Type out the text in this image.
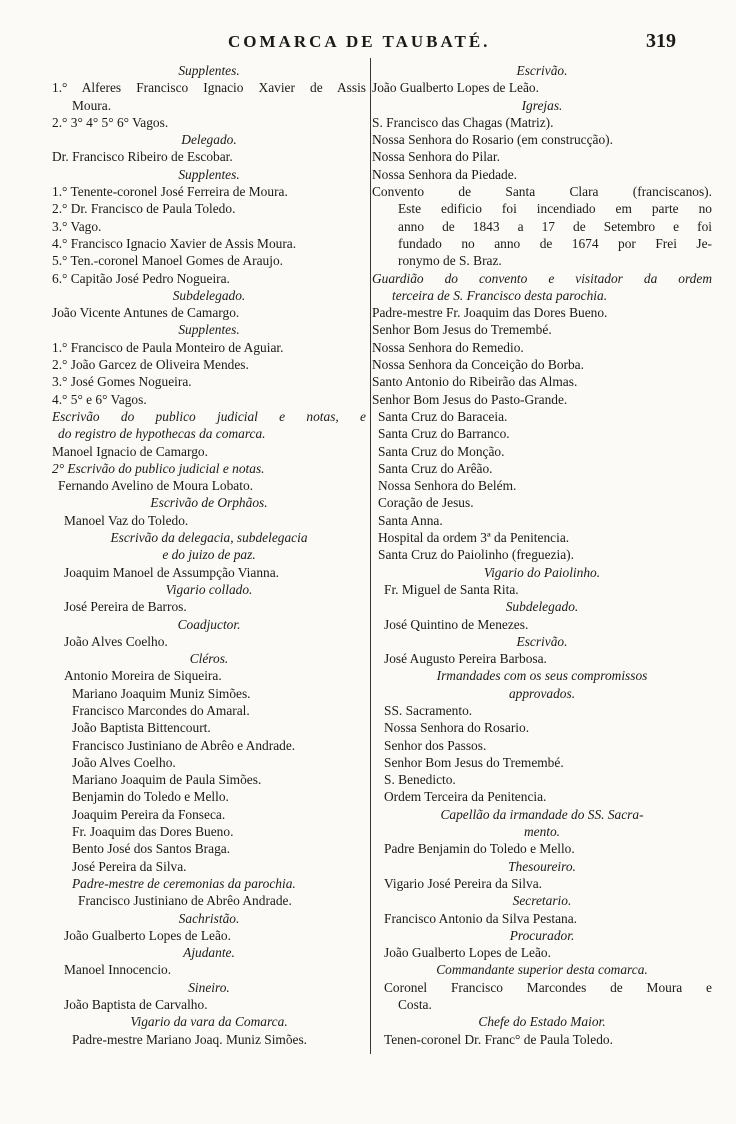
COMARCA DE TAUBATÉ.	319
Supplentes.
1.° Alferes Francisco Ignacio Xavier de Assis
Moura.
2.° 3° 4° 5° 6° Vagos.
Delegado.
Dr. Francisco Ribeiro de Escobar.
Supplentes.
1.° Tenente-coronel José Ferreira de Moura.
2.° Dr. Francisco de Paula Toledo.
3.° Vago.
4.° Francisco Ignacio Xavier de Assis Moura.
5.° Ten.-coronel Manoel Gomes de Araujo.
6.° Capitão José Pedro Nogueira.
Subdelegado.
João Vicente Antunes de Camargo.
Supplentes.
1.° Francisco de Paula Monteiro de Aguiar.
2.° João Garcez de Oliveira Mendes.
3.° José Gomes Nogueira.
4.° 5° e 6° Vagos.
Escrivão do publico judicial e notas, e
do registro de hypothecas da comarca.
Manoel Ignacio de Camargo.
2° Escrivão do publico judicial e notas.
Fernando Avelino de Moura Lobato.
Escrivão de Orphãos.
Manoel Vaz do Toledo.
Escrivão da delegacia, subdelegacia
e do juizo de paz.
Joaquim Manoel de Assumpção Vianna.
Vigario collado.
José Pereira de Barros.
Coadjuctor.
João Alves Coelho.
Cléros.
Antonio Moreira de Siqueira.
Mariano Joaquim Muniz Simões.
Francisco Marcondes do Amaral.
João Baptista Bittencourt.
Francisco Justiniano de Abrêo e Andrade.
João Alves Coelho.
Mariano Joaquim de Paula Simões.
Benjamin do Toledo e Mello.
Joaquim Pereira da Fonseca.
Fr. Joaquim das Dores Bueno.
Bento José dos Santos Braga.
José Pereira da Silva.
Padre-mestre de ceremonias da parochia.
Francisco Justiniano de Abrêo Andrade.
Sachristão.
João Gualberto Lopes de Leão.
Ajudante.
Manoel Innocencio.
Sineiro.
João Baptista de Carvalho.
Vigario da vara da Comarca.
Padre-mestre Mariano Joaq. Muniz Simões.
Escrivão.
João Gualberto Lopes de Leão.
Igrejas.
S. Francisco das Chagas (Matriz).
Nossa Senhora do Rosario (em construcção).
Nossa Senhora do Pilar.
Nossa Senhora da Piedade.
Convento de Santa Clara (franciscanos).
Este edificio foi incendiado em parte no
anno de 1843 a 17 de Setembro e foi
fundado no anno de 1674 por Frei Je-
ronymo de S. Braz.
Guardião do convento e visitador da ordem
terceira de S. Francisco desta parochia.
Padre-mestre Fr. Joaquim das Dores Bueno.
Senhor Bom Jesus do Tremembé.
Nossa Senhora do Remedio.
Nossa Senhora da Conceição do Borba.
Santo Antonio do Ribeirão das Almas.
Senhor Bom Jesus do Pasto-Grande.
Santa Cruz do Baraceia.
Santa Cruz do Barranco.
Santa Cruz do Monção.
Santa Cruz do Arêão.
Nossa Senhora do Belém.
Coração de Jesus.
Santa Anna.
Hospital da ordem 3ª da Penitencia.
Santa Cruz do Paiolinho (freguezia).
Vigario do Paiolinho.
Fr. Miguel de Santa Rita.
Subdelegado.
José Quintino de Menezes.
Escrivão.
José Augusto Pereira Barbosa.
Irmandades com os seus compromissos
approvados.
SS. Sacramento.
Nossa Senhora do Rosario.
Senhor dos Passos.
Senhor Bom Jesus do Tremembé.
S. Benedicto.
Ordem Terceira da Penitencia.
Capellão da irmandade do SS. Sacra-
mento.
Padre Benjamin do Toledo e Mello.
Thesoureiro.
Vigario José Pereira da Silva.
Secretario.
Francisco Antonio da Silva Pestana.
Procurador.
João Gualberto Lopes de Leão.
Commandante superior desta comarca.
Coronel Francisco Marcondes de Moura e
Costa.
Chefe do Estado Maior.
Tenen-coronel Dr. Franc° de Paula Toledo.
